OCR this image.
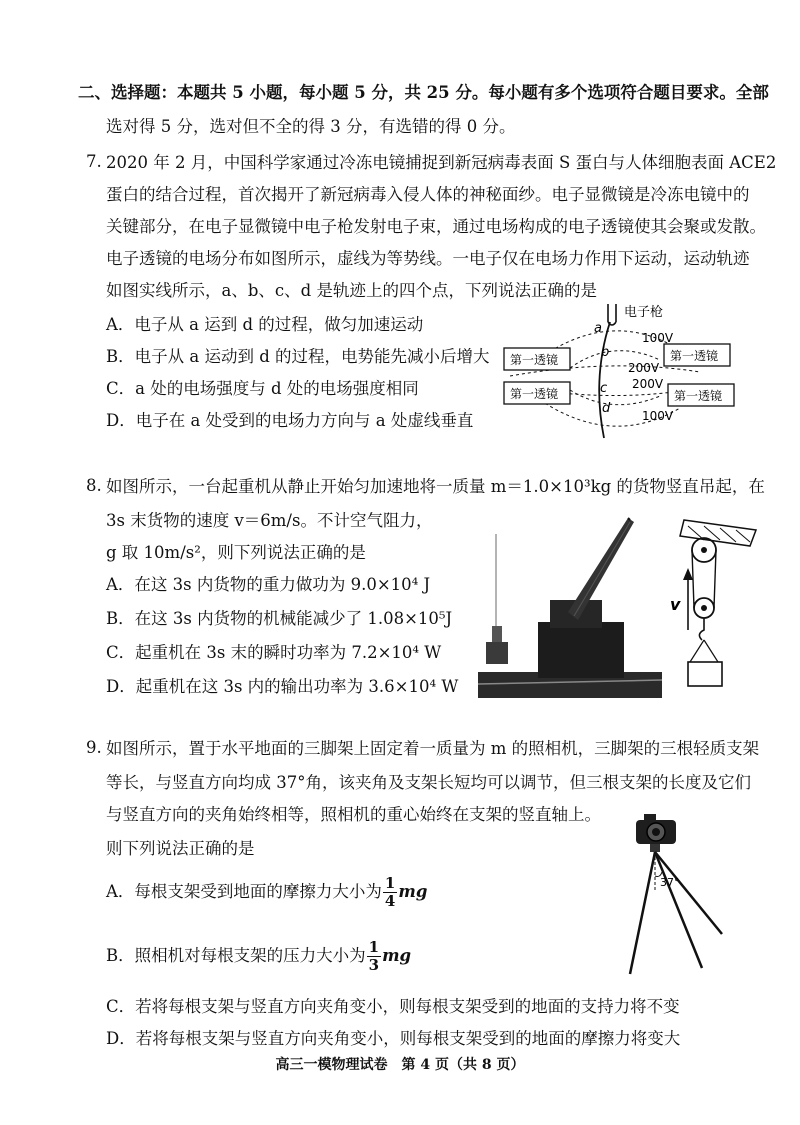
二、选择题：本题共 5 小题，每小题 5 分，共 25 分。每小题有多个选项符合题目要求。全部
选对得 5 分，选对但不全的得 3 分，有选错的得 0 分。
7. 2020 年 2 月，中国科学家通过冷冻电镜捕捉到新冠病毒表面 S 蛋白与人体细胞表面 ACE2
蛋白的结合过程，首次揭开了新冠病毒入侵人体的神秘面纱。电子显微镜是冷冻电镜中的
关键部分，在电子显微镜中电子枪发射电子束，通过电场构成的电子透镜使其会聚或发散。
电子透镜的电场分布如图所示，虚线为等势线。一电子仅在电场力作用下运动，运动轨迹
如图实线所示，a、b、c、d 是轨迹上的四个点，下列说法正确的是
A．电子从 a 运到 d 的过程，做匀加速运动
B．电子从 a 运动到 d 的过程，电势能先减小后增大
C．a 处的电场强度与 d 处的电场强度相同
D．电子在 a 处受到的电场力方向与 a 处虚线垂直
电子枪
a
b
c
d
第一透镜	第一透镜
第一透镜	第一透镜
100V
200V
200V
100V
8. 如图所示，一台起重机从静止开始匀加速地将一质量 m＝1.0×10³kg 的货物竖直吊起，在
3s 末货物的速度 v＝6m/s。不计空气阻力，
g 取 10m/s²，则下列说法正确的是
A．在这 3s 内货物的重力做功为 9.0×10⁴ J
B．在这 3s 内货物的机械能减少了 1.08×10⁵J
C．起重机在 3s 末的瞬时功率为 7.2×10⁴ W
D．起重机在这 3s 内的输出功率为 3.6×10⁴ W
v
9. 如图所示，置于水平地面的三脚架上固定着一质量为 m 的照相机，三脚架的三根轻质支架
等长，与竖直方向均成 37°角，该夹角及支架长短均可以调节，但三根支架的长度及它们
与竖直方向的夹角始终相等，照相机的重心始终在支架的竖直轴上。
则下列说法正确的是
A．每根支架受到地面的摩擦力大小为 $\frac{1}{4}$ mg
B．照相机对每根支架的压力大小为 $\frac{1}{3}$ mg
C．若将每根支架与竖直方向夹角变小，则每根支架受到的地面的支持力将不变
D．若将每根支架与竖直方向夹角变小，则每根支架受到的地面的摩擦力将变大
37°
高三一模物理试卷　第 4 页（共 8 页）
